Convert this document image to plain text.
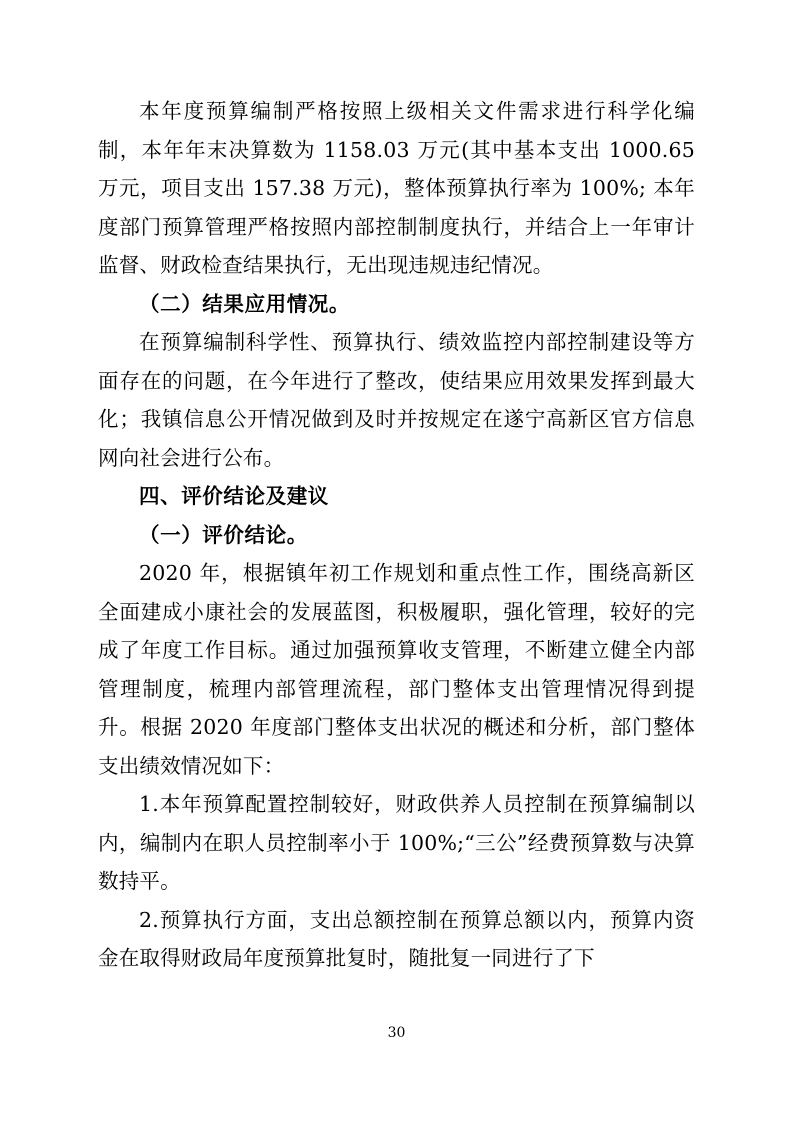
本年度预算编制严格按照上级相关文件需求进行科学化编制，本年年末决算数为 1158.03 万元(其中基本支出 1000.65 万元，项目支出 157.38 万元)，整体预算执行率为 100%; 本年度部门预算管理严格按照内部控制制度执行，并结合上一年审计监督、财政检查结果执行，无出现违规违纪情况。

（二）结果应用情况。

在预算编制科学性、预算执行、绩效监控内部控制建设等方面存在的问题，在今年进行了整改，使结果应用效果发挥到最大化；我镇信息公开情况做到及时并按规定在遂宁高新区官方信息网向社会进行公布。

四、评价结论及建议

（一）评价结论。

2020 年，根据镇年初工作规划和重点性工作，围绕高新区全面建成小康社会的发展蓝图，积极履职，强化管理，较好的完成了年度工作目标。通过加强预算收支管理，不断建立健全内部管理制度，梳理内部管理流程，部门整体支出管理情况得到提升。根据 2020 年度部门整体支出状况的概述和分析，部门整体支出绩效情况如下：

1.本年预算配置控制较好，财政供养人员控制在预算编制以内，编制内在职人员控制率小于 100%;“三公”经费预算数与决算数持平。

2.预算执行方面，支出总额控制在预算总额以内，预算内资金在取得财政局年度预算批复时，随批复一同进行了下

30
